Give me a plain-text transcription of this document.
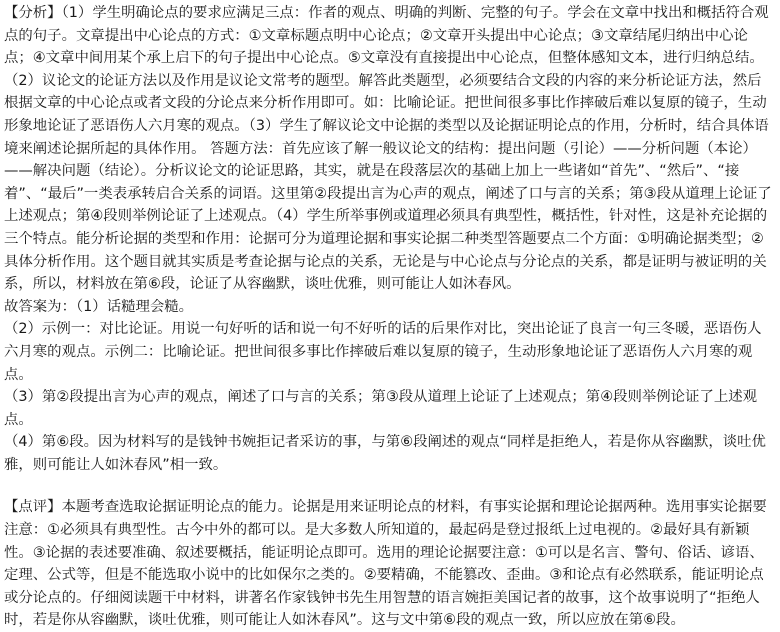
【分析】（1）学生明确论点的要求应满足三点：作者的观点、明确的判断、完整的句子。学会在文章中找出和概括符合观点的句子。文章提出中心论点的方式：①文章标题点明中心论点；②文章开头提出中心论点；③文章结尾归纳出中心论点；④文章中间用某个承上启下的句子提出中心论点。⑤文章没有直接提出中心论点，但整体感知文本，进行归纳总结。（2）议论文的论证方法以及作用是议论文常考的题型。解答此类题型，必须要结合文段的内容的来分析论证方法，然后根据文章的中心论点或者文段的分论点来分析作用即可。如：比喻论证。把世间很多事比作摔破后难以复原的镜子，生动形象地论证了恶语伤人六月寒的观点。（3）学生了解议论文中论据的类型以及论据证明论点的作用，分析时，结合具体语境来阐述论据所起的具体作用。 答题方法：首先应该了解一般议论文的结构：提出问题（引论）——分析问题（本论）——解决问题（结论）。分析议论文的论证思路，其实，就是在段落层次的基础上加上一些诸如“首先”、“然后”、“接着”、“最后”一类表承转启合关系的词语。这里第②段提出言为心声的观点，阐述了口与言的关系；第③段从道理上论证了上述观点；第④段则举例论证了上述观点。（4）学生所举事例或道理必须具有典型性，概括性，针对性，这是补充论据的三个特点。能分析论据的类型和作用：论据可分为道理论据和事实论据二种类型答题要点二个方面：①明确论据类型；②具体分析作用。这个题目就其实质是考查论据与论点的关系，无论是与中心论点与分论点的关系，都是证明与被证明的关系，所以，材料放在第⑥段，论证了从容幽默，谈吐优雅，则可能让人如沐春风。

故答案为：（1）话糙理会糙。

（2）示例一：对比论证。用说一句好听的话和说一句不好听的话的后果作对比，突出论证了良言一句三冬暖，恶语伤人六月寒的观点。示例二：比喻论证。把世间很多事比作摔破后难以复原的镜子，生动形象地论证了恶语伤人六月寒的观点。

（3）第②段提出言为心声的观点，阐述了口与言的关系；第③段从道理上论证了上述观点；第④段则举例论证了上述观点。

（4）第⑥段。因为材料写的是钱钟书婉拒记者采访的事，与第⑥段阐述的观点“同样是拒绝人，若是你从容幽默，谈吐优雅，则可能让人如沐春风”相一致。

【点评】本题考查选取论据证明论点的能力。论据是用来证明论点的材料，有事实论据和理论论据两种。选用事实论据要注意：①必须具有典型性。古今中外的都可以。是大多数人所知道的，最起码是登过报纸上过电视的。②最好具有新颖性。③论据的表述要准确、叙述要概括，能证明论点即可。选用的理论论据要注意：①可以是名言、警句、俗话、谚语、定理、公式等，但是不能选取小说中的比如保尔之类的。②要精确，不能篡改、歪曲。③和论点有必然联系，能证明论点或分论点的。仔细阅读题干中材料，讲著名作家钱钟书先生用智慧的语言婉拒美国记者的故事，这个故事说明了“拒绝人时，若是你从容幽默，谈吐优雅，则可能让人如沐春风”。这与文中第⑥段的观点一致，所以应放在第⑥段。
